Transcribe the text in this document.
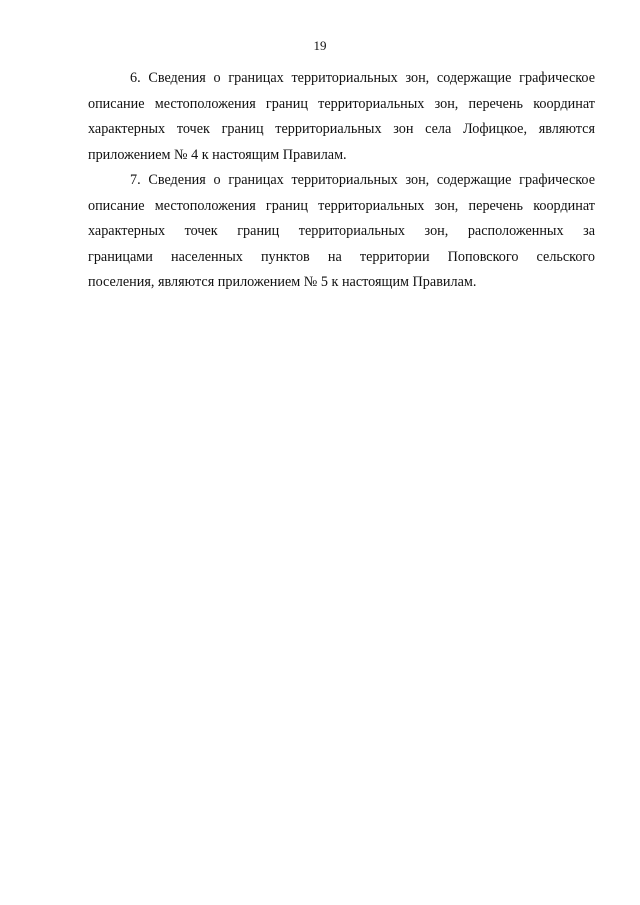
19

6. Сведения о границах территориальных зон, содержащие графическое
описание местоположения границ территориальных зон, перечень координат
характерных точек границ территориальных зон села Лофицкое, являются
приложением № 4 к настоящим Правилам.

7. Сведения о границах территориальных зон, содержащие графическое
описание местоположения границ территориальных зон, перечень координат
характерных точек границ территориальных зон, расположенных за
границами населенных пунктов на территории Поповского сельского
поселения, являются приложением № 5 к настоящим Правилам.
